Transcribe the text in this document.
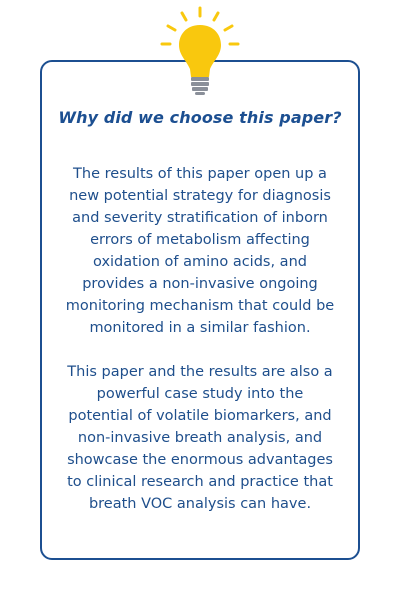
Why did we choose this paper?

The results of this paper open up a
new potential strategy for diagnosis
and severity stratification of inborn
errors of metabolism affecting
oxidation of amino acids, and
provides a non-invasive ongoing
monitoring mechanism that could be
monitored in a similar fashion.

This paper and the results are also a
powerful case study into the
potential of volatile biomarkers, and
non-invasive breath analysis, and
showcase the enormous advantages
to clinical research and practice that
breath VOC analysis can have.
